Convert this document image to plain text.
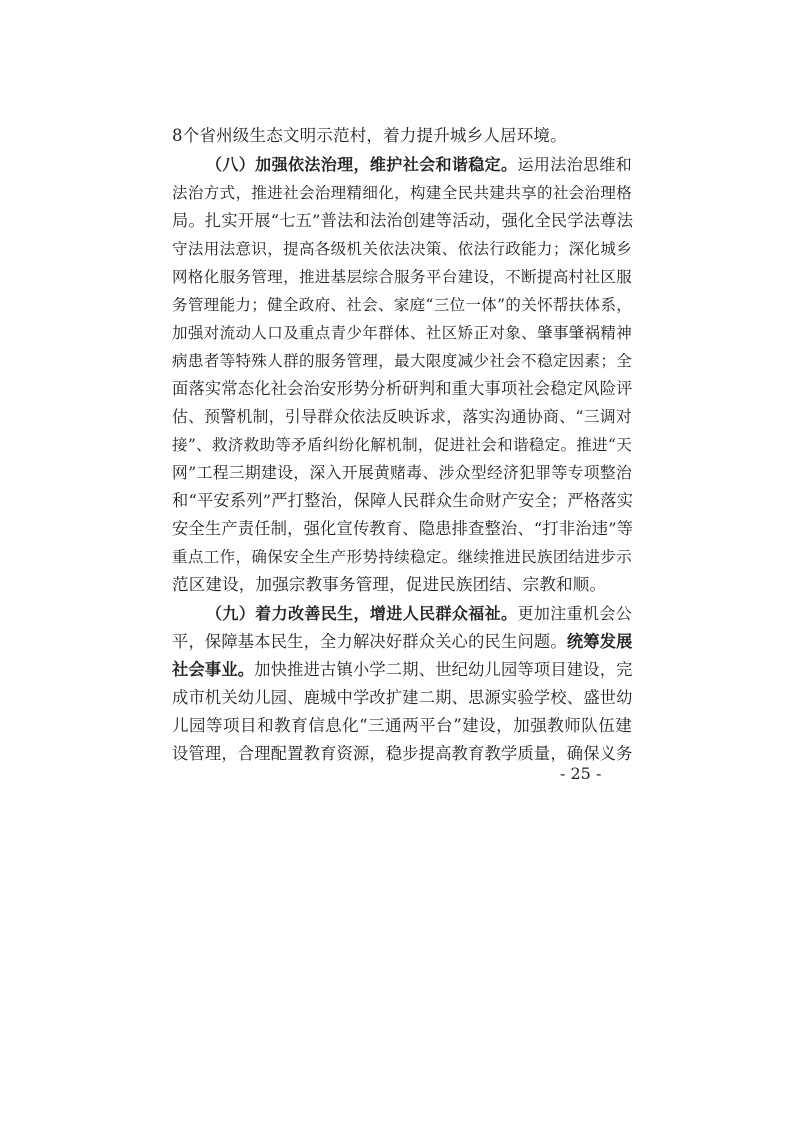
8个省州级生态文明示范村，着力提升城乡人居环境。
（八）加强依法治理，维护社会和谐稳定。运用法治思维和
法治方式，推进社会治理精细化，构建全民共建共享的社会治理格
局。扎实开展“七五”普法和法治创建等活动，强化全民学法尊法
守法用法意识，提高各级机关依法决策、依法行政能力；深化城乡
网格化服务管理，推进基层综合服务平台建设，不断提高村社区服
务管理能力；健全政府、社会、家庭“三位一体”的关怀帮扶体系，
加强对流动人口及重点青少年群体、社区矫正对象、肇事肇祸精神
病患者等特殊人群的服务管理，最大限度减少社会不稳定因素；全
面落实常态化社会治安形势分析研判和重大事项社会稳定风险评
估、预警机制，引导群众依法反映诉求，落实沟通协商、“三调对
接”、救济救助等矛盾纠纷化解机制，促进社会和谐稳定。推进“天
网”工程三期建设，深入开展黄赌毒、涉众型经济犯罪等专项整治
和“平安系列”严打整治，保障人民群众生命财产安全；严格落实
安全生产责任制，强化宣传教育、隐患排查整治、“打非治违”等
重点工作，确保安全生产形势持续稳定。继续推进民族团结进步示
范区建设，加强宗教事务管理，促进民族团结、宗教和顺。
（九）着力改善民生，增进人民群众福祉。更加注重机会公
平，保障基本民生，全力解决好群众关心的民生问题。统筹发展
社会事业。加快推进古镇小学二期、世纪幼儿园等项目建设，完
成市机关幼儿园、鹿城中学改扩建二期、思源实验学校、盛世幼
儿园等项目和教育信息化“三通两平台”建设，加强教师队伍建
设管理，合理配置教育资源，稳步提高教育教学质量，确保义务
- 25 -
